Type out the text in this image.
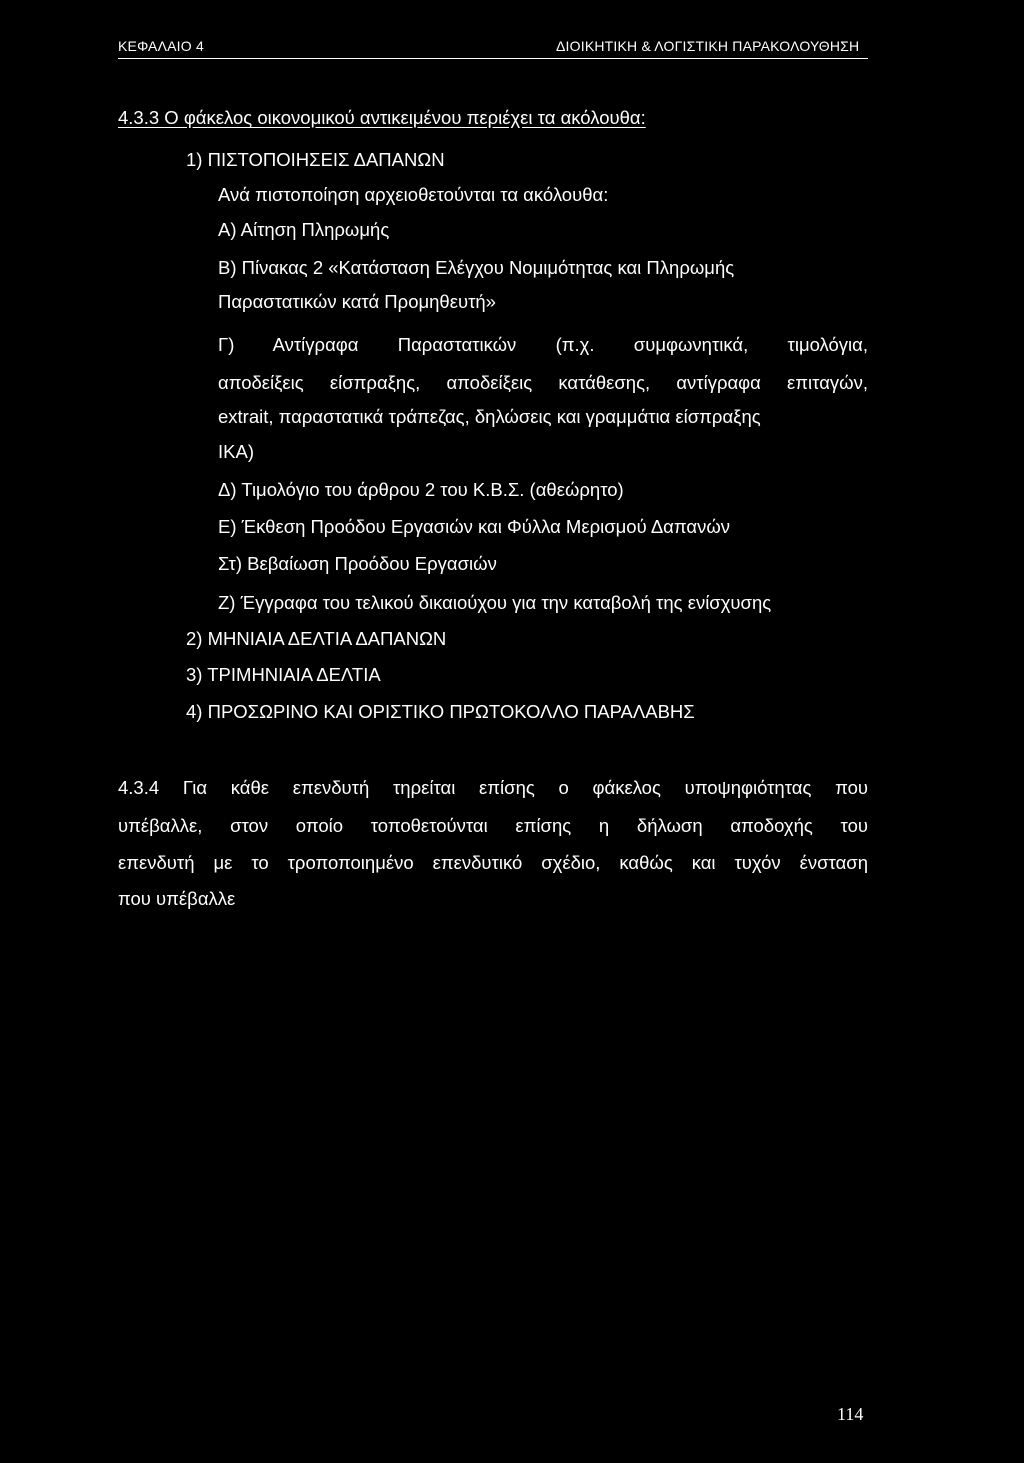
ΚΕΦΑΛΑΙΟ 4	ΔΙΟΙΚΗΤΙΚΗ & ΛΟΓΙΣΤΙΚΗ ΠΑΡΑΚΟΛΟΥΘΗΣΗ
4.3.3 Ο φάκελος οικονομικού αντικειμένου περιέχει τα ακόλουθα:
1) ΠΙΣΤΟΠΟΙΗΣΕΙΣ ΔΑΠΑΝΩΝ
Ανά πιστοποίηση αρχειοθετούνται τα ακόλουθα:
Α) Αίτηση Πληρωμής
Β) Πίνακας 2 «Κατάσταση Ελέγχου Νομιμότητας και Πληρωμής
Παραστατικών κατά Προμηθευτή»
Γ) Αντίγραφα Παραστατικών (π.χ. συμφωνητικά, τιμολόγια,
αποδείξεις είσπραξης, αποδείξεις κατάθεσης, αντίγραφα επιταγών,
extrait, παραστατικά τράπεζας, δηλώσεις και γραμμάτια είσπραξης
ΙΚΑ)
Δ) Τιμολόγιο του άρθρου 2 του Κ.Β.Σ. (αθεώρητο)
Ε) Έκθεση Προόδου Εργασιών και Φύλλα Μερισμού Δαπανών
Στ) Βεβαίωση Προόδου Εργασιών
Ζ) Έγγραφα του τελικού δικαιούχου για την καταβολή της ενίσχυσης
2) ΜΗΝΙΑΙΑ ΔΕΛΤΙΑ ΔΑΠΑΝΩΝ
3) ΤΡΙΜΗΝΙΑΙΑ ΔΕΛΤΙΑ
4) ΠΡΟΣΩΡΙΝΟ ΚΑΙ ΟΡΙΣΤΙΚΟ ΠΡΩΤΟΚΟΛΛΟ ΠΑΡΑΛΑΒΗΣ
4.3.4 Για κάθε επενδυτή τηρείται επίσης ο φάκελος υποψηφιότητας που
υπέβαλλε, στον οποίο τοποθετούνται επίσης η δήλωση αποδοχής του
επενδυτή με το τροποποιημένο επενδυτικό σχέδιο, καθώς και τυχόν ένσταση
που υπέβαλλε
114
